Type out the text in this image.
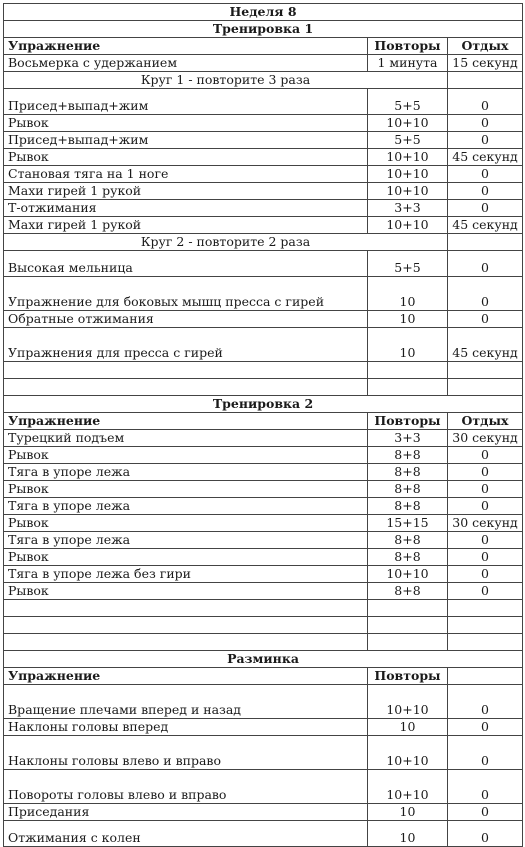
Неделя 8		
Тренировка 1		
Упражнение	Повторы	Отдых
Восьмерка с удержанием	1 минута	15 секунд
Круг 1 - повторите 3 раза		
Присед+выпад+жим	5+5	0
Рывок	10+10	0
Присед+выпад+жим	5+5	0
Рывок	10+10	45 секунд
Становая тяга на 1 ноге	10+10	0
Махи гирей 1 рукой	10+10	0
Т-отжимания	3+3	0
Махи гирей 1 рукой	10+10	45 секунд
Круг 2 - повторите 2 раза		
Высокая мельница	5+5	0
Упражнение для боковых мышц пресса с гирей	10	0
Обратные отжимания	10	0
Упражнения для пресса с гирей	10	45 секунд

Тренировка 2		
Упражнение	Повторы	Отдых
Турецкий подъем	3+3	30 секунд
Рывок	8+8	0
Тяга в упоре лежа	8+8	0
Рывок	8+8	0
Тяга в упоре лежа	8+8	0
Рывок	15+15	30 секунд
Тяга в упоре лежа	8+8	0
Рывок	8+8	0
Тяга в упоре лежа без гири	10+10	0
Рывок	8+8	0

Разминка		
Упражнение	Повторы	
Вращение плечами вперед и назад	10+10	0
Наклоны головы вперед	10	0
Наклоны головы влево и вправо	10+10	0
Повороты головы влево и вправо	10+10	0
Приседания	10	0
Отжимания с колен	10	0
